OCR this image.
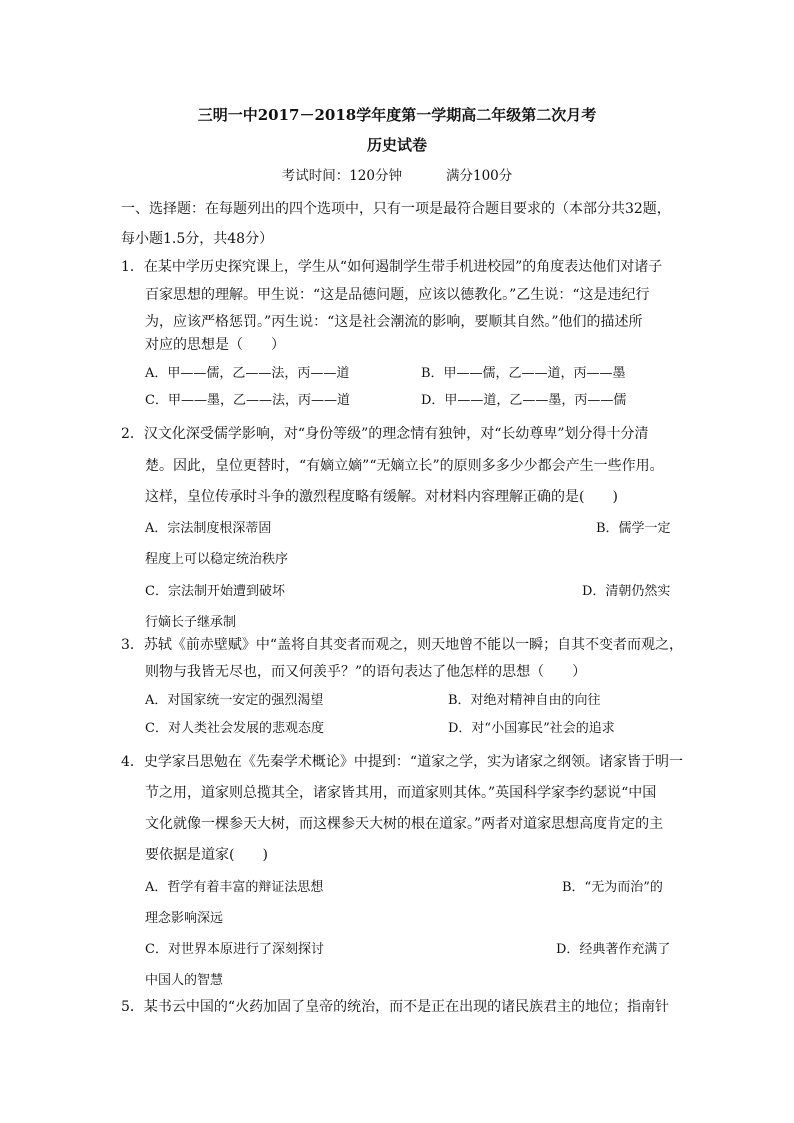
三明一中2017－2018学年度第一学期高二年级第二次月考
历史试卷
考试时间：120分钟	满分100分
一、选择题：在每题列出的四个选项中，只有一项是最符合题目要求的（本部分共32题，
每小题1.5分，共48分）
1．在某中学历史探究课上，学生从“如何遏制学生带手机进校园”的角度表达他们对诸子
百家思想的理解。甲生说：“这是品德问题，应该以德教化。”乙生说：“这是违纪行
为，应该严格惩罚。”丙生说：“这是社会潮流的影响，要顺其自然。”他们的描述所
对应的思想是（　　）
A．甲——儒，乙——法，丙——道	B．甲——儒，乙——道，丙——墨
C．甲——墨，乙——法，丙——道	D．甲——道，乙——墨，丙——儒
2．汉文化深受儒学影响，对“身份等级”的理念情有独钟，对“长幼尊卑”划分得十分清
楚。因此，皇位更替时，“有嫡立嫡”“无嫡立长”的原则多多少少都会产生一些作用。
这样，皇位传承时斗争的激烈程度略有缓解。对材料内容理解正确的是(　　)
A．宗法制度根深蒂固	B．儒学一定
程度上可以稳定统治秩序
C．宗法制开始遭到破坏	D．清朝仍然实
行嫡长子继承制
3．苏轼《前赤壁赋》中“盖将自其变者而观之，则天地曾不能以一瞬；自其不变者而观之，
则物与我皆无尽也，而又何羡乎？”的语句表达了他怎样的思想（　　）
A．对国家统一安定的强烈渴望	B．对绝对精神自由的向往
C．对人类社会发展的悲观态度	D．对“小国寡民”社会的追求
4．史学家吕思勉在《先秦学术概论》中提到：“道家之学，实为诸家之纲领。诸家皆于明一
节之用，道家则总揽其全，诸家皆其用，而道家则其体。”英国科学家李约瑟说“中国
文化就像一棵参天大树，而这棵参天大树的根在道家。”两者对道家思想高度肯定的主
要依据是道家(　　)
A．哲学有着丰富的辩证法思想	B．“无为而治”的
理念影响深远
C．对世界本原进行了深刻探讨	D．经典著作充满了
中国人的智慧
5．某书云中国的“火药加固了皇帝的统治，而不是正在出现的诸民族君主的地位；指南针
